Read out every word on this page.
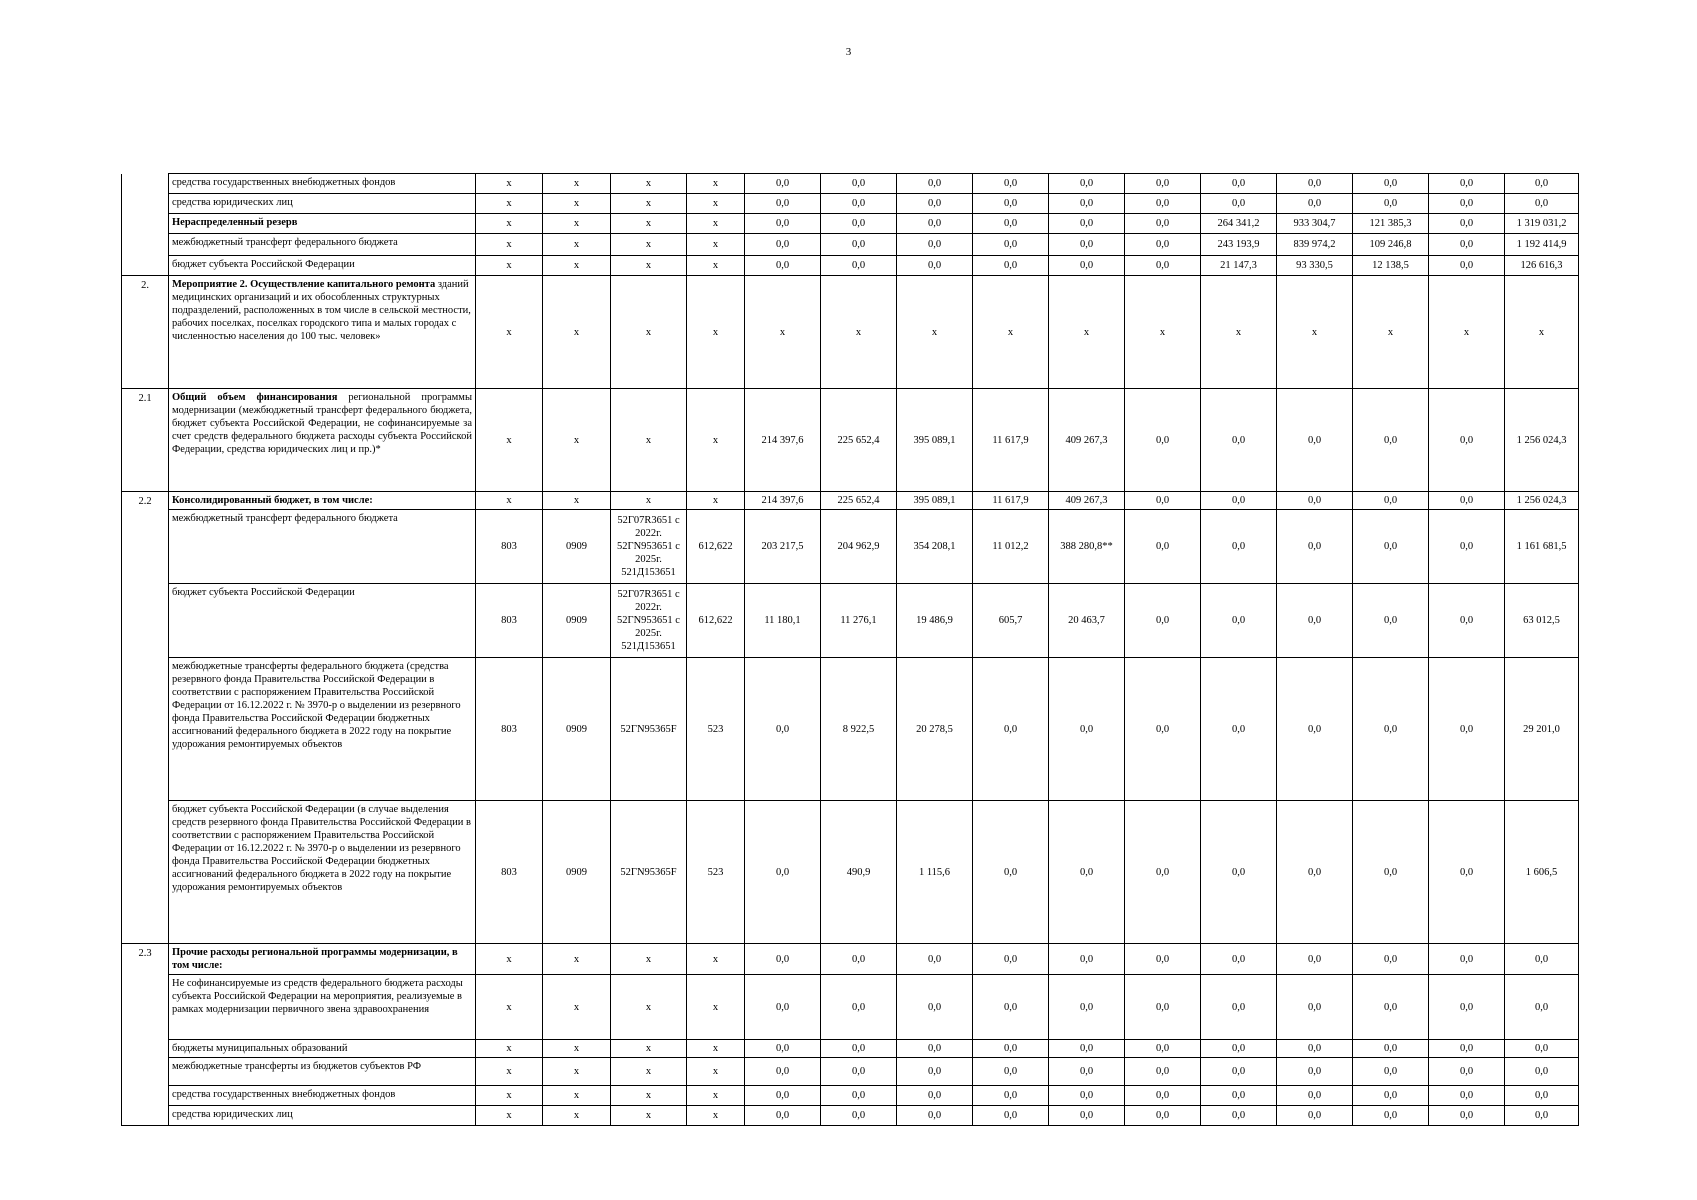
3
	средства государственных внебюджетных фондов	x	x	x	x	0,0	0,0	0,0	0,0	0,0	0,0	0,0	0,0	0,0	0,0	0,0
	средства юридических лиц	x	x	x	x	0,0	0,0	0,0	0,0	0,0	0,0	0,0	0,0	0,0	0,0	0,0
	Нераспределенный резерв	x	x	x	x	0,0	0,0	0,0	0,0	0,0	0,0	264 341,2	933 304,7	121 385,3	0,0	1 319 031,2
	межбюджетный трансферт федерального бюджета	x	x	x	x	0,0	0,0	0,0	0,0	0,0	0,0	243 193,9	839 974,2	109 246,8	0,0	1 192 414,9
	бюджет субъекта Российской Федерации	x	x	x	x	0,0	0,0	0,0	0,0	0,0	0,0	21 147,3	93 330,5	12 138,5	0,0	126 616,3
2.	Мероприятие 2. Осуществление капитального ремонта зданий медицинских организаций и их обособленных структурных подразделений, расположенных в том числе в сельской местности, рабочих поселках, поселках городского типа и малых городах с численностью населения до 100 тыс. человек»	x	x	x	x	x	x	x	x	x	x	x	x	x	x	x
2.1	Общий объем финансирования региональной программы модернизации (межбюджетный трансферт федерального бюджета, бюджет субъекта Российской Федерации, не софинансируемые за счет средств федерального бюджета расходы субъекта Российской Федерации, средства юридических лиц и пр.)*	x	x	x	x	214 397,6	225 652,4	395 089,1	11 617,9	409 267,3	0,0	0,0	0,0	0,0	0,0	1 256 024,3
2.2	Консолидированный бюджет, в том числе:	x	x	x	x	214 397,6	225 652,4	395 089,1	11 617,9	409 267,3	0,0	0,0	0,0	0,0	0,0	1 256 024,3
	межбюджетный трансферт федерального бюджета	803	0909	52Г07R3651 с 2022г. 52ГN953651 с 2025г. 521Д153651	612,622	203 217,5	204 962,9	354 208,1	11 012,2	388 280,8**	0,0	0,0	0,0	0,0	0,0	1 161 681,5
	бюджет субъекта Российской Федерации	803	0909	52Г07R3651 с 2022г. 52ГN953651 с 2025г. 521Д153651	612,622	11 180,1	11 276,1	19 486,9	605,7	20 463,7	0,0	0,0	0,0	0,0	0,0	63 012,5
	межбюджетные трансферты федерального бюджета (средства резервного фонда Правительства Российской Федерации в соответствии с распоряжением Правительства Российской Федерации от 16.12.2022 г. № 3970-р о выделении из резервного фонда Правительства Российской Федерации бюджетных ассигнований федерального бюджета в 2022 году на покрытие удорожания ремонтируемых объектов	803	0909	52ГN95365F	523	0,0	8 922,5	20 278,5	0,0	0,0	0,0	0,0	0,0	0,0	0,0	29 201,0
	бюджет субъекта Российской Федерации (в случае выделения средств резервного фонда Правительства Российской Федерации в соответствии с распоряжением Правительства Российской Федерации от 16.12.2022 г. № 3970-р о выделении из резервного фонда Правительства Российской Федерации бюджетных ассигнований федерального бюджета в 2022 году на покрытие удорожания ремонтируемых объектов	803	0909	52ГN95365F	523	0,0	490,9	1 115,6	0,0	0,0	0,0	0,0	0,0	0,0	0,0	1 606,5
2.3	Прочие расходы региональной программы модернизации, в том числе:	x	x	x	x	0,0	0,0	0,0	0,0	0,0	0,0	0,0	0,0	0,0	0,0	0,0
	Не софинансируемые из средств федерального бюджета расходы субъекта Российской Федерации на мероприятия, реализуемые в рамках модернизации первичного звена здравоохранения	x	x	x	x	0,0	0,0	0,0	0,0	0,0	0,0	0,0	0,0	0,0	0,0	0,0
	бюджеты муниципальных образований	x	x	x	x	0,0	0,0	0,0	0,0	0,0	0,0	0,0	0,0	0,0	0,0	0,0
	межбюджетные трансферты из бюджетов субъектов РФ	x	x	x	x	0,0	0,0	0,0	0,0	0,0	0,0	0,0	0,0	0,0	0,0	0,0
	средства государственных внебюджетных фондов	x	x	x	x	0,0	0,0	0,0	0,0	0,0	0,0	0,0	0,0	0,0	0,0	0,0
	средства юридических лиц	x	x	x	x	0,0	0,0	0,0	0,0	0,0	0,0	0,0	0,0	0,0	0,0	0,0
